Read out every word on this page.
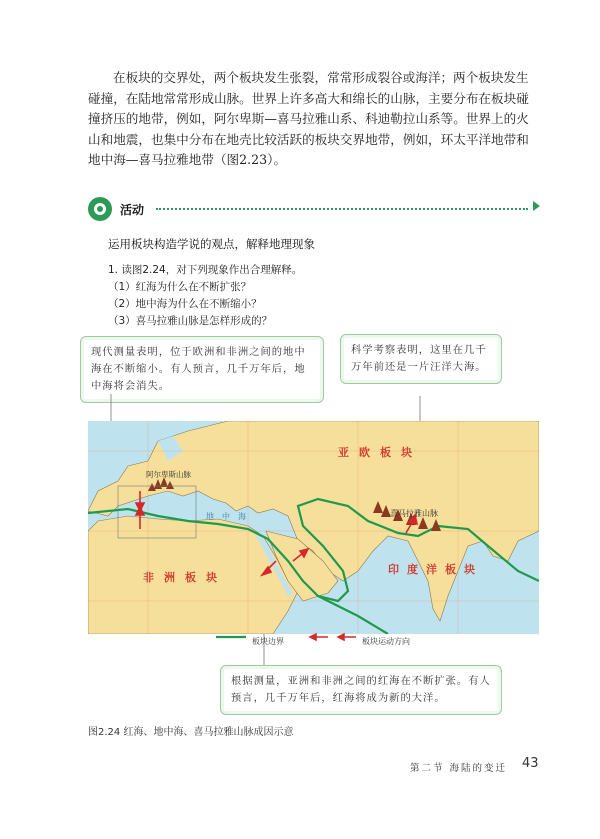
在板块的交界处，两个板块发生张裂，常常形成裂谷或海洋；两个板块发生碰撞，在陆地常常形成山脉。世界上许多高大和绵长的山脉，主要分布在板块碰撞挤压的地带，例如，阿尔卑斯—喜马拉雅山系、科迪勒拉山系等。世界上的火山和地震，也集中分布在地壳比较活跃的板块交界地带，例如，环太平洋地带和地中海—喜马拉雅地带（图2.23）。
活动
运用板块构造学说的观点，解释地理现象
1. 读图2.24，对下列现象作出合理解释。
（1）红海为什么在不断扩张？
（2）地中海为什么在不断缩小？
（3）喜马拉雅山脉是怎样形成的？
现代测量表明，位于欧洲和非洲之间的地中海在不断缩小。有人预言，几千万年后，地中海将会消失。
科学考察表明，这里在几千万年前还是一片汪洋大海。
根据测量，亚洲和非洲之间的红海在不断扩张。有人预言，几千万年后，红海将成为新的大洋。
亚欧板块
非洲板块
印度洋板块
阿尔卑斯山脉
喜马拉雅山脉
地中海
板块边界	板块运动方向
图2.24 红海、地中海、喜马拉雅山脉成因示意
第二节 海陆的变迁 43
